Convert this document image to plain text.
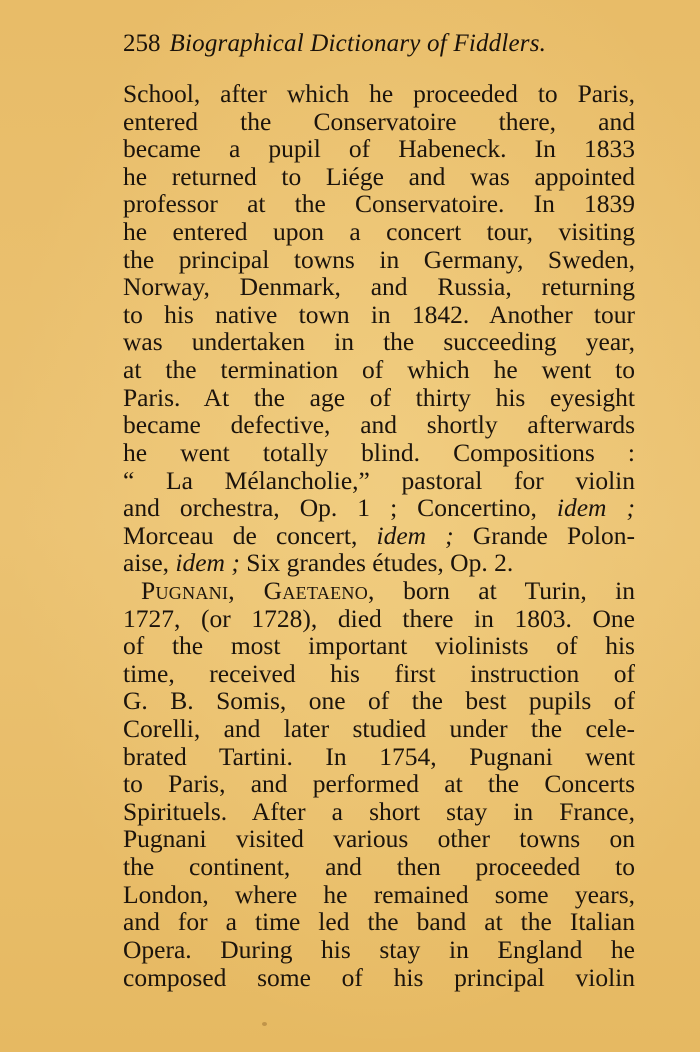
258 Biographical Dictionary of Fiddlers.
School, after which he proceeded to Paris,
entered the Conservatoire there, and
became a pupil of Habeneck. In 1833
he returned to Liége and was appointed
professor at the Conservatoire. In 1839
he entered upon a concert tour, visiting
the principal towns in Germany, Sweden,
Norway, Denmark, and Russia, returning
to his native town in 1842. Another tour
was undertaken in the succeeding year,
at the termination of which he went to
Paris. At the age of thirty his eyesight
became defective, and shortly afterwards
he went totally blind. Compositions :
“ La Mélancholie,” pastoral for violin
and orchestra, Op. 1 ; Concertino, idem ;
Morceau de concert, idem ; Grande Polon-
aise, idem ; Six grandes études, Op. 2.
Pugnani, Gaetaeno, born at Turin, in
1727, (or 1728), died there in 1803. One
of the most important violinists of his
time, received his first instruction of
G. B. Somis, one of the best pupils of
Corelli, and later studied under the cele-
brated Tartini. In 1754, Pugnani went
to Paris, and performed at the Concerts
Spirituels. After a short stay in France,
Pugnani visited various other towns on
the continent, and then proceeded to
London, where he remained some years,
and for a time led the band at the Italian
Opera. During his stay in England he
composed some of his principal violin
